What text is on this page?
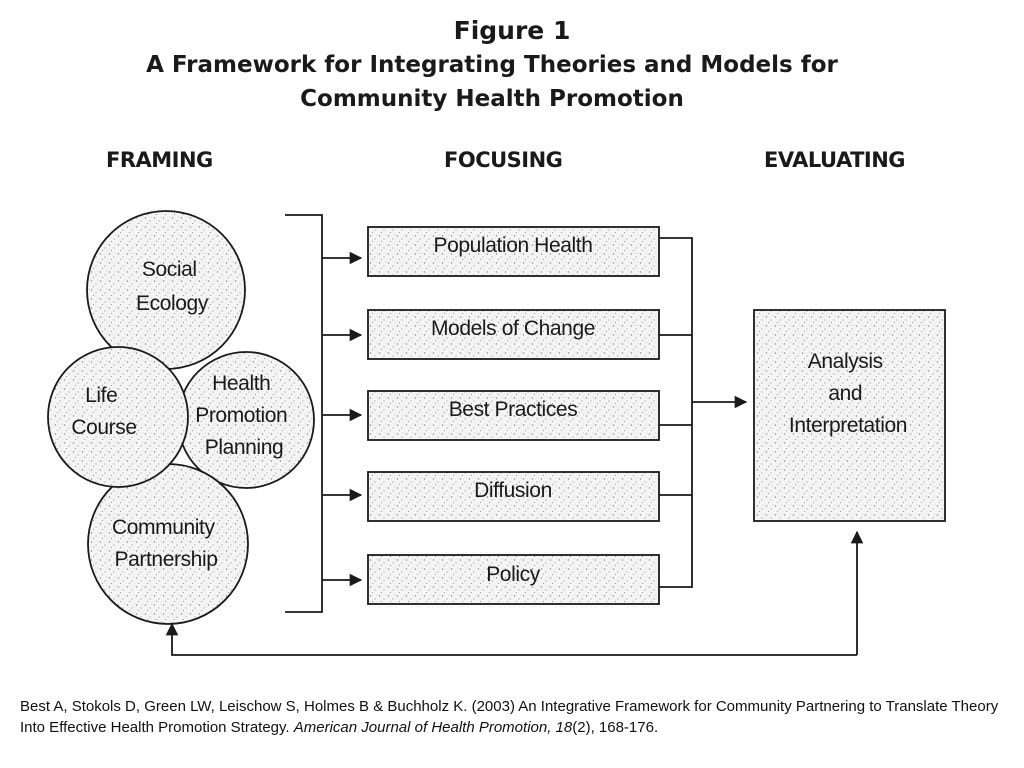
Figure 1
A Framework for Integrating Theories and Models for
Community Health Promotion
FRAMING	FOCUSING	EVALUATING
Social Ecology
Life Course
Health Promotion Planning
Community Partnership
Population Health
Models of Change
Best Practices
Diffusion
Policy
Analysis and Interpretation
Best A, Stokols D, Green LW, Leischow S, Holmes B & Buchholz K. (2003) An Integrative Framework for Community Partnering to Translate Theory Into Effective Health Promotion Strategy. American Journal of Health Promotion, 18(2), 168-176.
